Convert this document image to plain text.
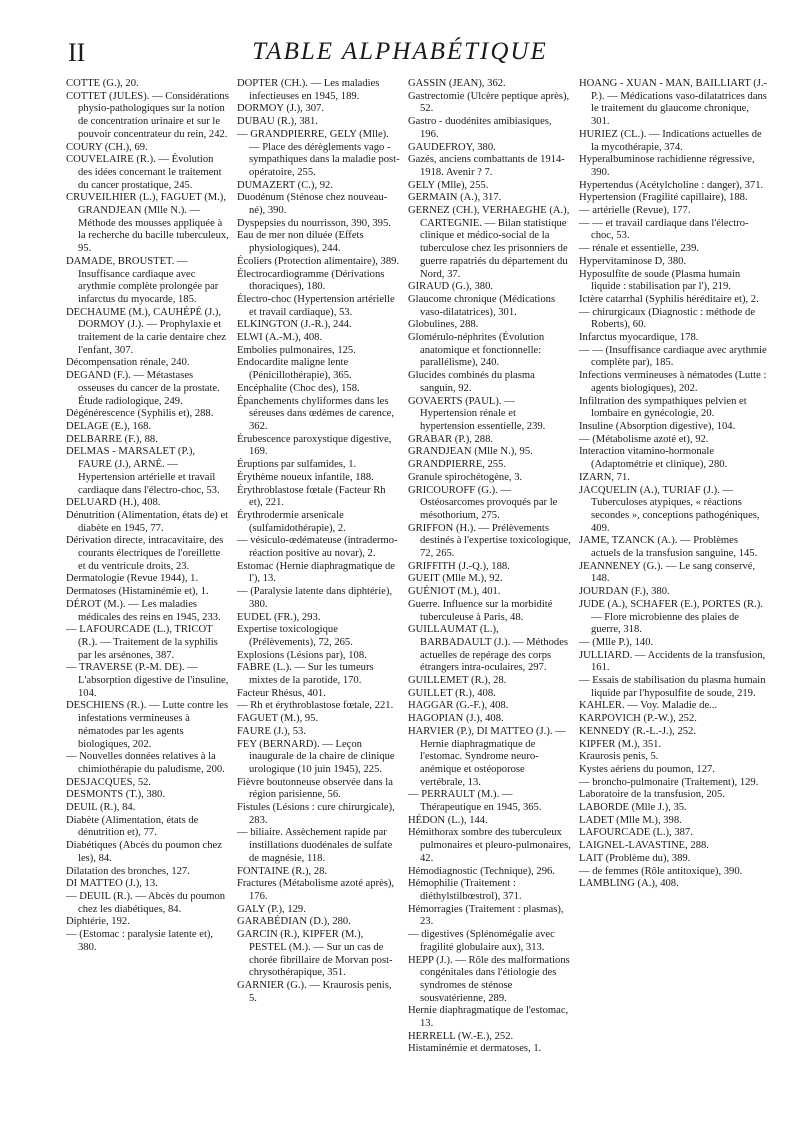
II	TABLE ALPHABÉTIQUE
COTTE (G.), 20.
COTTET (JULES). — Considérations physio-pathologiques sur la notion de concentration urinaire et sur le pouvoir concentrateur du rein, 242.
COURY (CH.), 69.
COUVELAIRE (R.). — Évolution des idées concernant le traitement du cancer prostatique, 245.
CRUVEILHIER (L.), FAGUET (M.), GRANDJEAN (Mlle N.). — Méthode des mousses appliquée à la recherche du bacille tuberculeux, 95.
DAMADE, BROUSTET. — Insuffisance cardiaque avec arythmie complète prolongée par infarctus du myocarde, 185.
DECHAUME (M.), CAUHÉPÉ (J.), DORMOY (J.). — Prophylaxie et traitement de la carie dentaire chez l'enfant, 307.
Décompensation rénale, 240.
DEGAND (F.). — Métastases osseuses du cancer de la prostate. Étude radiologique, 249.
Dégénérescence (Syphilis et), 288.
DELAGE (E.), 168.
DELBARRE (F.), 88.
DELMAS - MARSALET (P.), FAURE (J.), ARNÉ. — Hypertension artérielle et travail cardiaque dans l'électro-choc, 53.
DELUARD (H.), 408.
Dénutrition (Alimentation, états de) et diabète en 1945, 77.
Dérivation directe, intracavitaire, des courants électriques de l'oreillette et du ventricule droits, 23.
Dermatologie (Revue 1944), 1.
Dermatoses (Histaminémie et), 1.
DÉROT (M.). — Les maladies médicales des reins en 1945, 233.
— LAFOURCADE (L.), TRICOT (R.). — Traitement de la syphilis par les arsénones, 387.
— TRAVERSE (P.-M. DE). — L'absorption digestive de l'insuline, 104.
DESCHIENS (R.). — Lutte contre les infestations vermineuses à nématodes par les agents biologiques, 202.
— Nouvelles données relatives à la chimiothérapie du paludisme, 200.
DESJACQUES, 52.
DESMONTS (T.), 380.
DEUIL (R.), 84.
Diabète (Alimentation, états de dénutrition et), 77.
Diabétiques (Abcès du poumon chez les), 84.
Dilatation des bronches, 127.
DI MATTEO (J.), 13.
— DEUIL (R.). — Abcès du poumon chez les diabétiques, 84.
Diphtérie, 192.
— (Estomac : paralysie latente et), 380.
DOPTER (CH.). — Les maladies infectieuses en 1945, 189.
DORMOY (J.), 307.
DUBAU (R.), 381.
— GRANDPIERRE, GELY (Mlle). — Place des dérèglements vago - sympathiques dans la maladie post-opératoire, 255.
DUMAZERT (C.), 92.
Duodénum (Sténose chez nouveau-né), 390.
Dyspepsies du nourrisson, 390, 395.
Eau de mer non diluée (Effets physiologiques), 244.
Écoliers (Protection alimentaire), 389.
Électrocardiogramme (Dérivations thoraciques), 180.
Électro-choc (Hypertension artérielle et travail cardiaque), 53.
ELKINGTON (J.-R.), 244.
ELWI (A.-M.), 408.
Embolies pulmonaires, 125.
Endocardite maligne lente (Pénicillothérapie), 365.
Encéphalite (Choc des), 158.
Épanchements chyliformes dans les séreuses dans œdèmes de carence, 362.
Érubescence paroxystique digestive, 169.
Éruptions par sulfamides, 1.
Érythème noueux infantile, 188.
Érythroblastose fœtale (Facteur Rh et), 221.
Érythrodermie arsenicale (sulfamidothérapie), 2.
— vésiculo-œdémateuse (intradermo-réaction positive au novar), 2.
Estomac (Hernie diaphragmatique de l'), 13.
— (Paralysie latente dans diphtérie), 380.
EUDEL (FR.), 293.
Expertise toxicologique (Prélèvements), 72, 265.
Explosions (Lésions par), 108.
FABRE (L.). — Sur les tumeurs mixtes de la parotide, 170.
Facteur Rhésus, 401.
— Rh et érythroblastose fœtale, 221.
FAGUET (M.), 95.
FAURE (J.), 53.
FEY (BERNARD). — Leçon inaugurale de la chaire de clinique urologique (10 juin 1945), 225.
Fièvre boutonneuse observée dans la région parisienne, 56.
Fistules (Lésions : cure chirurgicale), 283.
— biliaire. Assèchement rapide par instillations duodénales de sulfate de magnésie, 118.
FONTAINE (R.), 28.
Fractures (Métabolisme azoté après), 176.
GALY (P.), 129.
GARABÉDIAN (D.), 280.
GARCIN (R.), KIPFER (M.), PESTEL (M.). — Sur un cas de chorée fibrillaire de Morvan post-chrysothérapique, 351.
GARNIER (G.). — Kraurosis penis, 5.
GASSIN (JEAN), 362.
Gastrectomie (Ulcère peptique après), 52.
Gastro - duodénites amibiasiques, 196.
GAUDEFROY, 380.
Gazés, anciens combattants de 1914-1918. Avenir ? 7.
GELY (Mlle), 255.
GERMAIN (A.), 317.
GERNEZ (CH.), VERHAEGHE (A.), CARTEGNIE. — Bilan statistique clinique et médico-social de la tuberculose chez les prisonniers de guerre rapatriés du département du Nord, 37.
GIRAUD (G.), 380.
Glaucome chronique (Médications vaso-dilatatrices), 301.
Globulines, 288.
Glomérulo-néphrites (Évolution anatomique et fonctionnelle: parallélisme), 240.
Glucides combinés du plasma sanguin, 92.
GOVAERTS (PAUL). — Hypertension rénale et hypertension essentielle, 239.
GRABAR (P.), 288.
GRANDJEAN (Mlle N.), 95.
GRANDPIERRE, 255.
Granule spirochétogène, 3.
GRICOUROFF (G.). — Ostéosarcomes provoqués par le mésothorium, 275.
GRIFFON (H.). — Prélèvements destinés à l'expertise toxicologique, 72, 265.
GRIFFITH (J.-Q.), 188.
GUEIT (Mlle M.), 92.
GUÉNIOT (M.), 401.
Guerre. Influence sur la morbidité tuberculeuse à Paris, 48.
GUILLAUMAT (L.), BARBADAULT (J.). — Méthodes actuelles de repérage des corps étrangers intra-oculaires, 297.
GUILLEMET (R.), 28.
GUILLET (R.), 408.
HAGGAR (G.-F.), 408.
HAGOPIAN (J.), 408.
HARVIER (P.), DI MATTEO (J.). — Hernie diaphragmatique de l'estomac. Syndrome neuro-anémique et ostéoporose vertébrale, 13.
— PERRAULT (M.). — Thérapeutique en 1945, 365.
HÉDON (L.), 144.
Hémithorax sombre des tuberculeux pulmonaires et pleuro-pulmonaires, 42.
Hémodiagnostic (Technique), 296.
Hémophilie (Traitement : diéthylstilbœstrol), 371.
Hémorragies (Traitement : plasmas), 23.
— digestives (Splénomégalie avec fragilité globulaire aux), 313.
HEPP (J.). — Rôle des malformations congénitales dans l'étiologie des syndromes de sténose sousvatérienne, 289.
Hernie diaphragmatique de l'estomac, 13.
HERRELL (W.-E.), 252.
Histaminémie et dermatoses, 1.
HOANG - XUAN - MAN, BAILLIART (J.-P.). — Médications vaso-dilatatrices dans le traitement du glaucome chronique, 301.
HURIEZ (CL.). — Indications actuelles de la mycothérapie, 374.
Hyperalbuminose rachidienne régressive, 390.
Hypertendus (Acétylcholine : danger), 371.
Hypertension (Fragilité capillaire), 188.
— artérielle (Revue), 177.
— — et travail cardiaque dans l'électro-choc, 53.
— rénale et essentielle, 239.
Hypervitaminose D, 380.
Hyposulfite de soude (Plasma humain liquide : stabilisation par l'), 219.
Ictère catarrhal (Syphilis héréditaire et), 2.
— chirurgicaux (Diagnostic : méthode de Roberts), 60.
Infarctus myocardique, 178.
— — (Insuffisance cardiaque avec arythmie complète par), 185.
Infections vermineuses à nématodes (Lutte : agents biologiques), 202.
Infiltration des sympathiques pelvien et lombaire en gynécologie, 20.
Insuline (Absorption digestive), 104.
— (Métabolisme azoté et), 92.
Interaction vitamino-hormonale (Adaptométrie et clinique), 280.
IZARN, 71.
JACQUELIN (A.), TURIAF (J.). — Tuberculoses atypiques, « réactions secondes », conceptions pathogéniques, 409.
JAME, TZANCK (A.). — Problèmes actuels de la transfusion sanguine, 145.
JEANNENEY (G.). — Le sang conservé, 148.
JOURDAN (F.), 380.
JUDE (A.), SCHAFER (E.), PORTES (R.). — Flore microbienne des plaies de guerre, 318.
— (Mlle P.), 140.
JULLIARD. — Accidents de la transfusion, 161.
— Essais de stabilisation du plasma humain liquide par l'hyposulfite de soude, 219.
KAHLER. — Voy. Maladie de...
KARPOVICH (P.-W.), 252.
KENNEDY (R.-L.-J.), 252.
KIPFER (M.), 351.
Kraurosis penis, 5.
Kystes aériens du poumon, 127.
— broncho-pulmonaire (Traitement), 129.
Laboratoire de la transfusion, 205.
LABORDE (Mlle J.), 35.
LADET (Mlle M.), 398.
LAFOURCADE (L.), 387.
LAIGNEL-LAVASTINE, 288.
LAIT (Problème du), 389.
— de femmes (Rôle antitoxique), 390.
LAMBLING (A.), 408.
